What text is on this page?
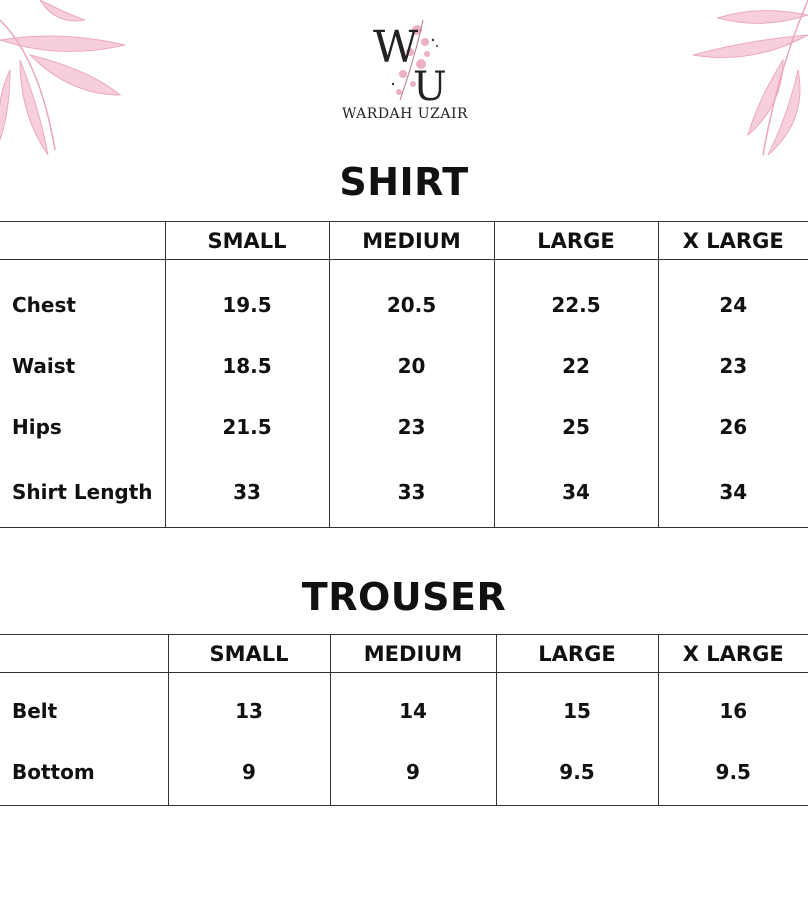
W
U
WARDAH UZAIR
SHIRT
	SMALL	MEDIUM	LARGE	X LARGE
Chest	19.5	20.5	22.5	24
Waist	18.5	20	22	23
Hips	21.5	23	25	26
Shirt Length	33	33	34	34
TROUSER
	SMALL	MEDIUM	LARGE	X LARGE
Belt	13	14	15	16
Bottom	9	9	9.5	9.5
